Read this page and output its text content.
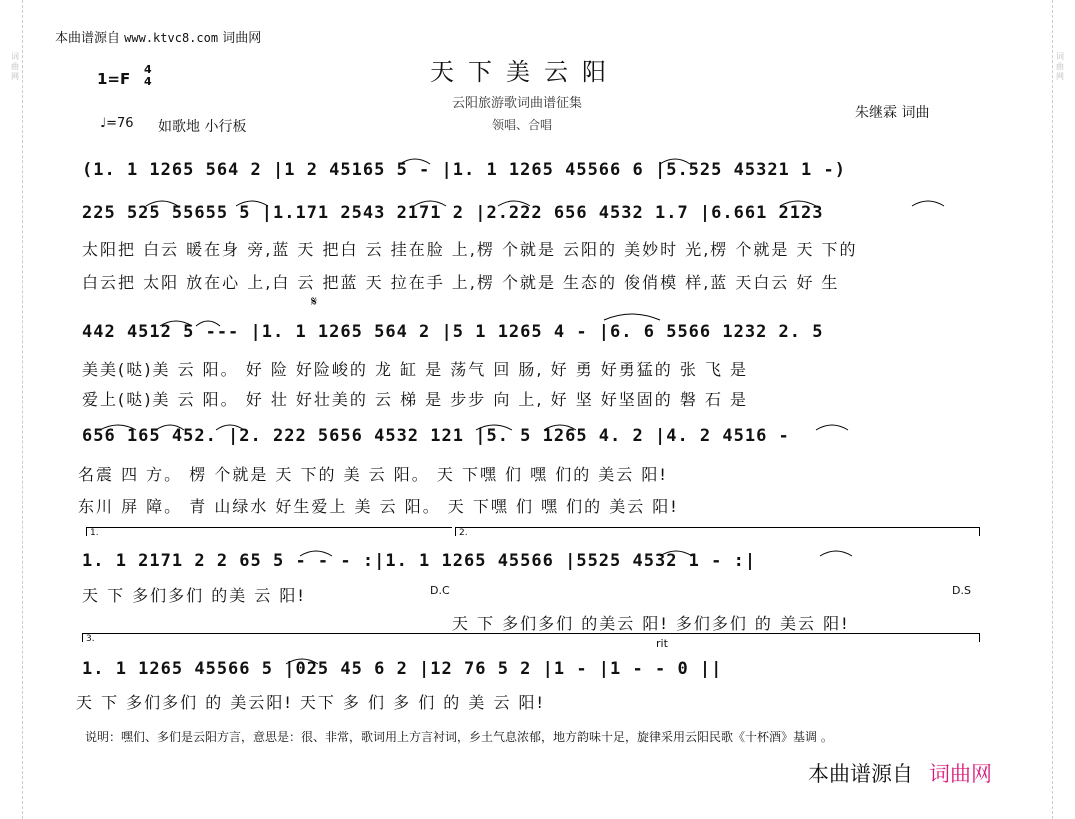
词
曲
网
词
曲
网
本曲谱源自 www.ktvc8.com 词曲网
天下美云阳
云阳旅游歌词曲谱征集
领唱、合唱
朱继霖 词曲
1=F
4
4
♩=76 如歌地 小行板
(1. 1 1265 564 2 |1 2 45165 5 - |1. 1 1265 45566 6 |5.525 45321 1 -)
225 525 55655 5 |1.171 2543 2171 2 |2.222 656 4532 1.7 |6.661 2123
太阳把 白云 暖在身 旁,蓝 天 把白 云 挂在脸 上,楞 个就是 云阳的 美妙时 光,楞 个就是 天 下的
白云把 太阳 放在心 上,白 云 把蓝 天 拉在手 上,楞 个就是 生态的 俊俏模 样,蓝 天白云 好 生
442 4512 5 --- |1. 1 1265 564 2 |5 1 1265 4 - |6. 6 5566 1232 2. 5
美美(哒)美 云 阳。 好 险 好险峻的 龙 缸 是 荡气 回 肠, 好 勇 好勇猛的 张 飞 是
爱上(哒)美 云 阳。 好 壮 好壮美的 云 梯 是 步步 向 上, 好 坚 好坚固的 磐 石 是
656 165 452. |2. 222 5656 4532 121 |5. 5 1265 4. 2 |4. 2 4516 -
名震 四 方。 楞 个就是 天 下的 美 云 阳。 天 下嘿 们 嘿 们的 美云 阳!
东川 屏 障。 青 山绿水 好生爱上 美 云 阳。 天 下嘿 们 嘿 们的 美云 阳!
1.	2.
1. 1 2171 2 2 65 5 - - - :|1. 1 1265 45566 |5525 4532 1 - :|
D.C	D.S
天 下 多们多们 的美 云 阳!
天 下 多们多们 的美云 阳! 多们多们 的 美云 阳!
3.	rit
1. 1 1265 45566 5 |025 45 6 2 |12 76 5 2 |1 - |1 - - 0 ||
天 下 多们多们 的 美云阳! 天下 多 们 多 们 的 美 云 阳!
说明：嘿们、多们是云阳方言，意思是：很、非常，歌词用上方言衬词，乡土气息浓郁，地方韵味十足，旋律采用云阳民歌《十杯酒》基调 。
本曲谱源自 词曲网
𝄋
